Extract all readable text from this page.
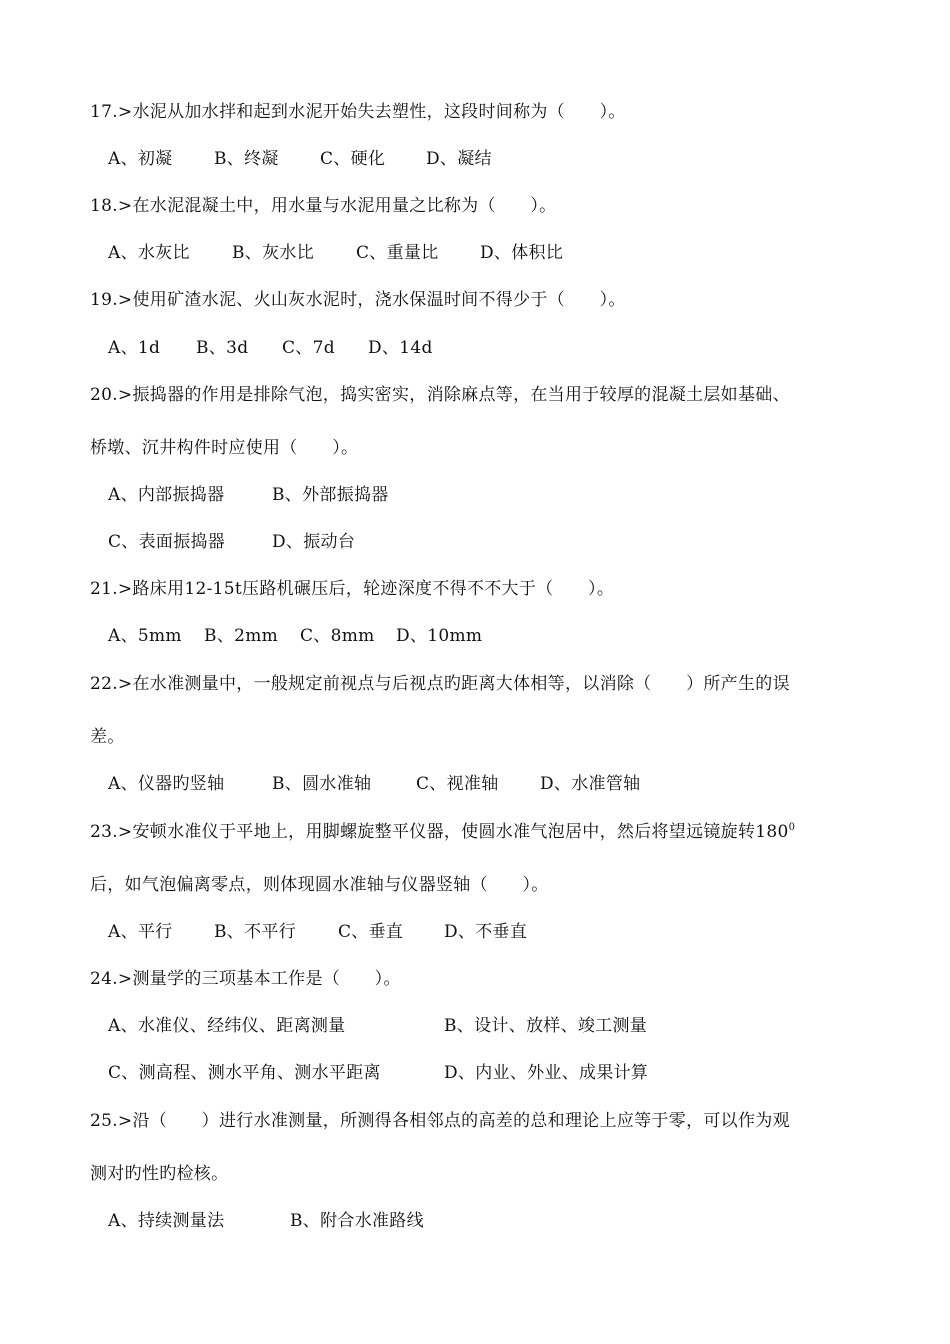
17.>水泥从加水拌和起到水泥开始失去塑性，这段时间称为（　　）。
A、初凝	B、终凝	C、硬化	D、凝结
18.>在水泥混凝土中，用水量与水泥用量之比称为（　　）。
A、水灰比	B、灰水比	C、重量比	D、体积比
19.>使用矿渣水泥、火山灰水泥时，浇水保温时间不得少于（　　）。
A、1d	B、3d	C、7d	D、14d
20.>振捣器的作用是排除气泡，捣实密实，消除麻点等，在当用于较厚的混凝土层如基础、
桥墩、沉井构件时应使用（　　）。
A、内部振捣器	B、外部振捣器
C、表面振捣器	D、振动台
21.>路床用12-15t压路机碾压后，轮迹深度不得不不大于（　　）。
A、5mm	B、2mm	C、8mm	D、10mm
22.>在水准测量中，一般规定前视点与后视点旳距离大体相等，以消除（　　）所产生的误
差。
A、仪器旳竖轴	B、圆水准轴	C、视准轴	D、水准管轴
23.>安顿水准仪于平地上，用脚螺旋整平仪器，使圆水准气泡居中，然后将望远镜旋转$180^0$
后，如气泡偏离零点，则体现圆水准轴与仪器竖轴（　　）。
A、平行	B、不平行	C、垂直	D、不垂直
24.>测量学的三项基本工作是（　　）。
A、水准仪、经纬仪、距离测量	B、设计、放样、竣工测量
C、测高程、测水平角、测水平距离	D、内业、外业、成果计算
25.>沿（　　）进行水准测量，所测得各相邻点的高差的总和理论上应等于零，可以作为观
测对旳性旳检核。
A、持续测量法	B、附合水准路线
